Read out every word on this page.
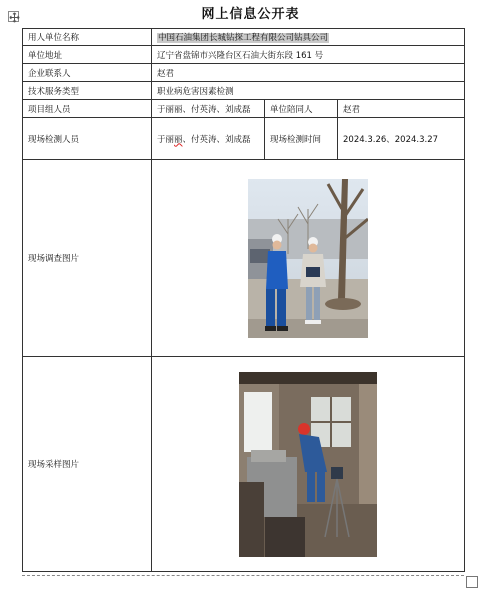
网上信息公开表
用人单位名称	中国石油集团长城钻探工程有限公司钻具公司		
单位地址	辽宁省盘锦市兴隆台区石油大街东段 161 号		
企业联系人	赵君		
技术服务类型	职业病危害因素检测		
项目组人员	于丽丽、付英涛、刘成磊	单位陪同人	赵君
现场检测人员	于丽丽、付英涛、刘成磊	现场检测时间	2024.3.26、2024.3.27
现场调查图片	

现场采样图片	
